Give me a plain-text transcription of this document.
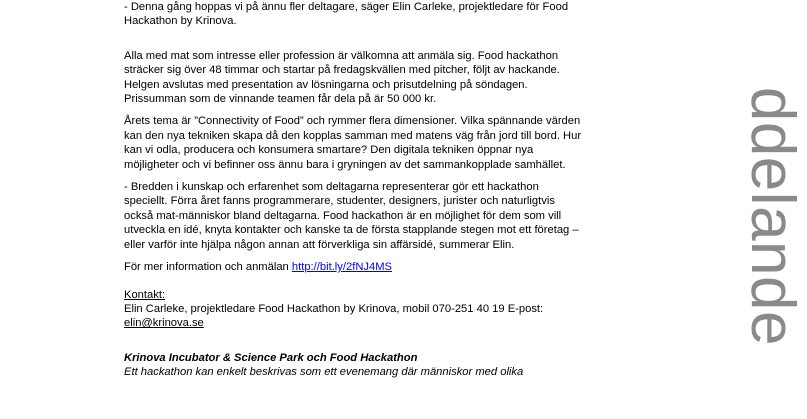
- Denna gång hoppas vi på ännu fler deltagare, säger Elin Carleke, projektledare för Food Hackathon by Krinova.

Alla med mat som intresse eller profession är välkomna att anmäla sig. Food hackathon sträcker sig över 48 timmar och startar på fredagskvällen med pitcher, följt av hackande. Helgen avslutas med presentation av lösningarna och prisutdelning på söndagen. Prissumman som de vinnande teamen får dela på är 50 000 kr.

Årets tema är ”Connectivity of Food” och rymmer flera dimensioner. Vilka spännande värden kan den nya tekniken skapa då den kopplas samman med matens väg från jord till bord. Hur kan vi odla, producera och konsumera smartare? Den digitala tekniken öppnar nya möjligheter och vi befinner oss ännu bara i gryningen av det sammankopplade samhället.

- Bredden i kunskap och erfarenhet som deltagarna representerar gör ett hackathon speciellt. Förra året fanns programmerare, studenter, designers, jurister och naturligtvis också mat-människor bland deltagarna. Food hackathon är en möjlighet för dem som vill utveckla en idé, knyta kontakter och kanske ta de första stapplande stegen mot ett företag – eller varför inte hjälpa någon annan att förverkliga sin affärsidé, summerar Elin.

För mer information och anmälan http://bit.ly/2fNJ4MS

Kontakt:

Elin Carleke, projektledare Food Hackathon by Krinova, mobil 070-251 40 19 E-post: elin@krinova.se

Krinova Incubator & Science Park och Food Hackathon

Ett hackathon kan enkelt beskrivas som ett evenemang där människor med olika

ddelande
